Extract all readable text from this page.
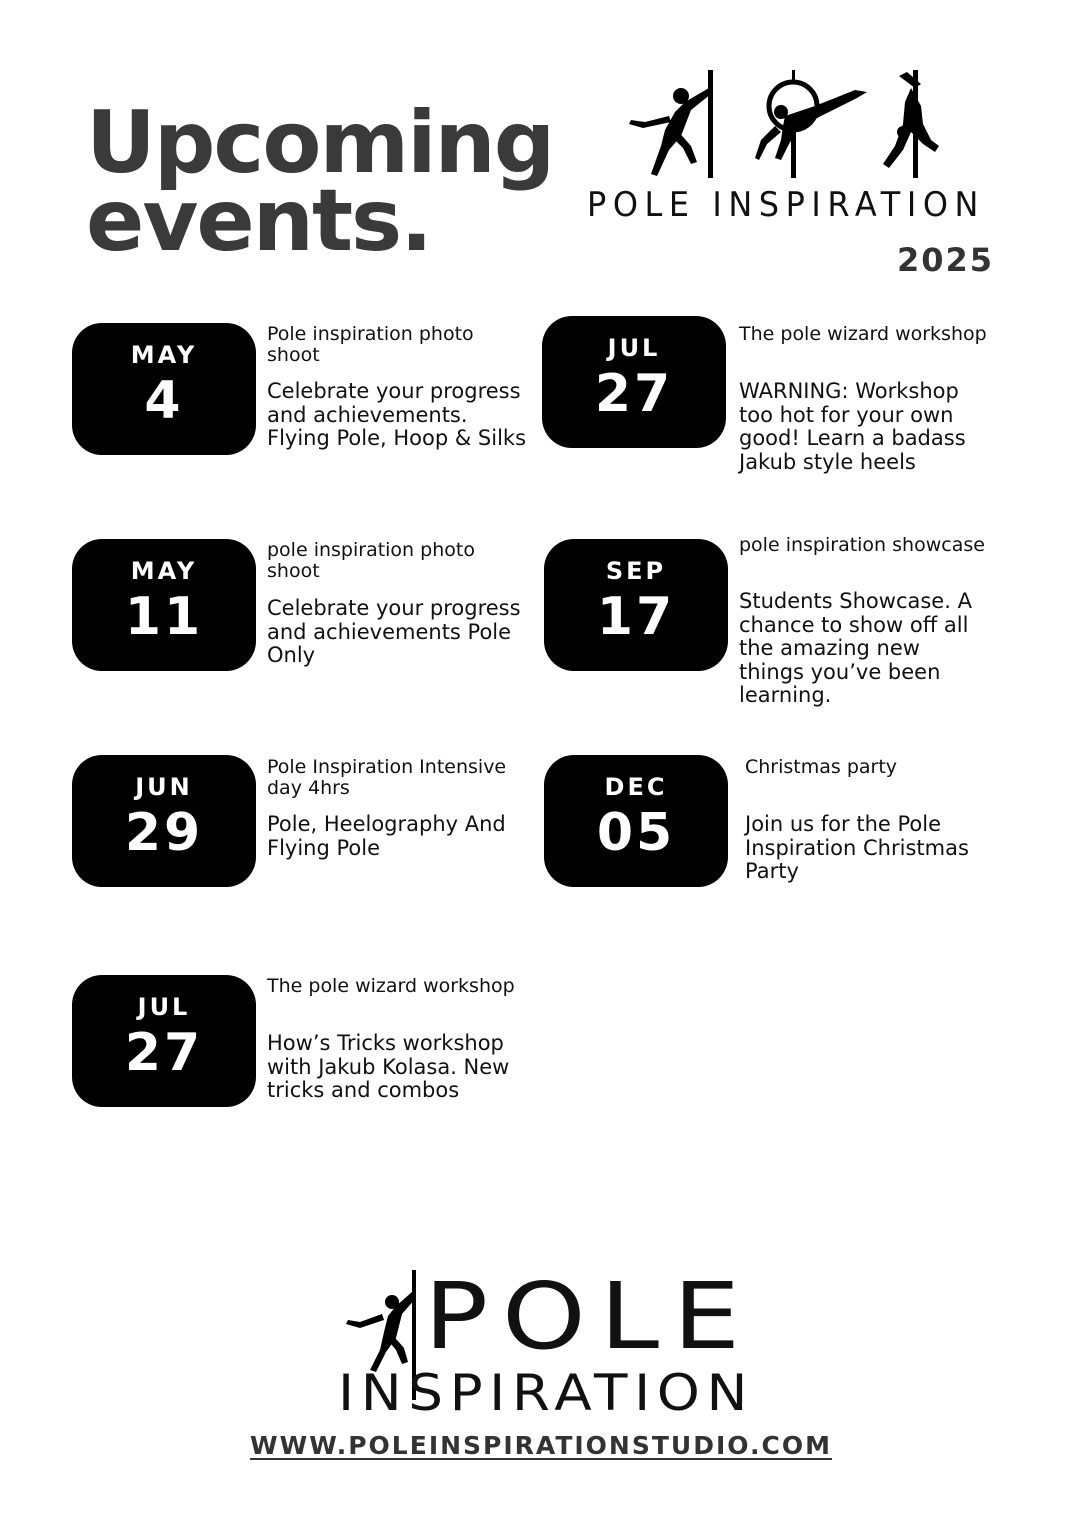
Upcoming
events.	POLE INSPIRATION
2025
MAY
4
Pole inspiration photo shoot

Celebrate your progress and achievements. Flying Pole, Hoop & Silks

JUL
27
The pole wizard workshop

WARNING: Workshop too hot for your own good! Learn a badass Jakub style heels

MAY
11
pole inspiration photo shoot

Celebrate your progress and achievements Pole Only

SEP
17
pole inspiration showcase

Students Showcase. A chance to show off all the amazing new things you’ve been learning.

JUN
29
Pole Inspiration Intensive day 4hrs

Pole, Heelography And Flying Pole

DEC
05
Christmas party

Join us for the Pole Inspiration Christmas Party

JUL
27
The pole wizard workshop

How’s Tricks workshop with Jakub Kolasa. New tricks and combos

POLE
INSPIRATION
WWW.POLEINSPIRATIONSTUDIO.COM
